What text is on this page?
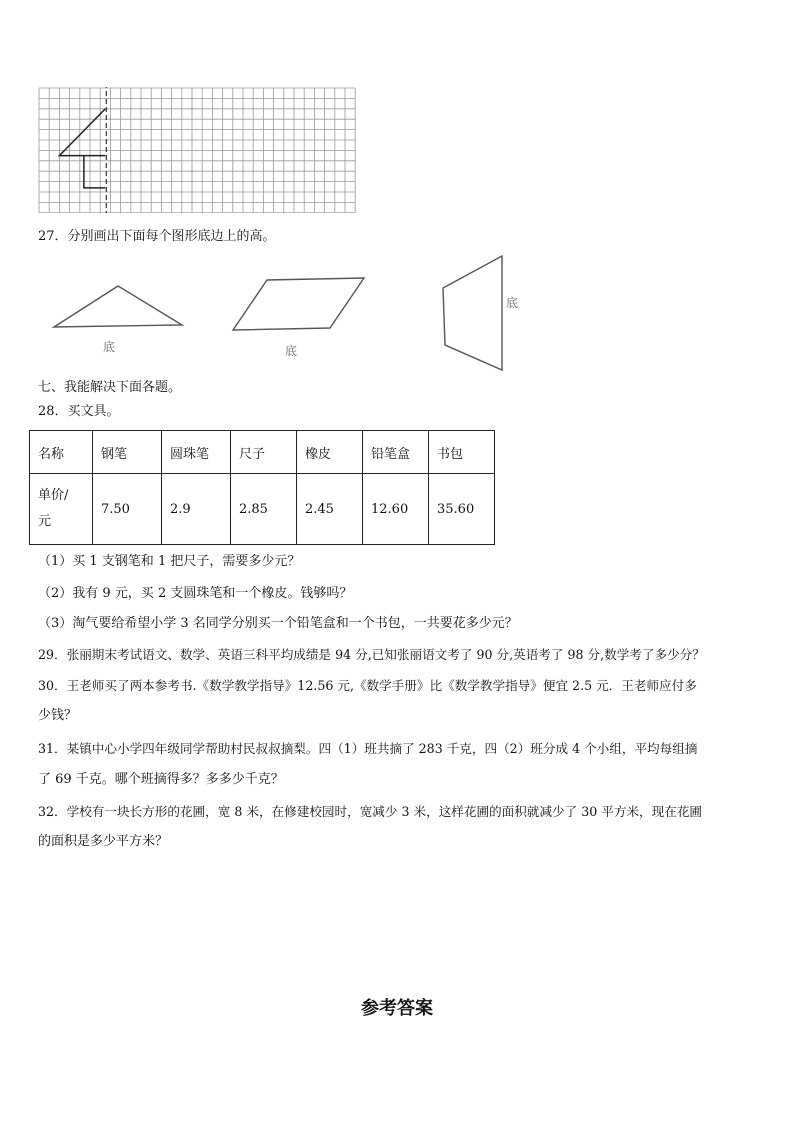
27．分别画出下面每个图形底边上的高。
底	底
底
七、我能解决下面各题。
28．买文具。
名称	钢笔	圆珠笔	尺子	橡皮	铅笔盒	书包

单价/
元	7.50	2.9	2.85	2.45	12.60	35.60
（1）买 1 支钢笔和 1 把尺子，需要多少元？
（2）我有 9 元，买 2 支圆珠笔和一个橡皮。钱够吗？
（3）淘气要给希望小学 3 名同学分别买一个铅笔盒和一个书包，一共要花多少元？
29．张丽期末考试语文、数学、英语三科平均成绩是 94 分,已知张丽语文考了 90 分,英语考了 98 分,数学考了多少分？
30．王老师买了两本参考书.《数学教学指导》12.56 元,《数学手册》比《数学教学指导》便宜 2.5 元．王老师应付多
少钱？
31．某镇中心小学四年级同学帮助村民叔叔摘梨。四（1）班共摘了 283 千克，四（2）班分成 4 个小组，平均每组摘
了 69 千克。哪个班摘得多？多多少千克？
32．学校有一块长方形的花圃，宽 8 米，在修建校园时，宽减少 3 米，这样花圃的面积就减少了 30 平方米，现在花圃
的面积是多少平方米？
参考答案
